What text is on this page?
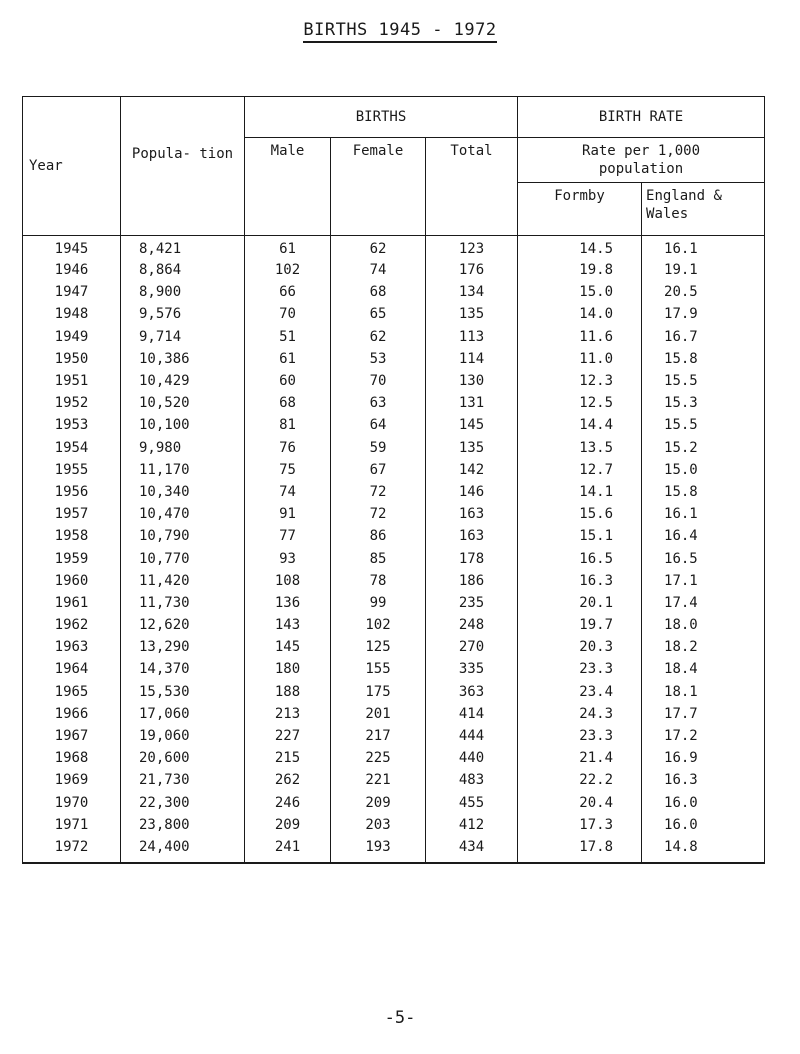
BIRTHS 1945 - 1972
Year	Popula- tion	BIRTHS			BIRTH RATE	
		Male	Female	Total	Rate per 1,000 population	
					Formby	England & Wales
1945	8,421	61	62	123	14.5	16.1
1946	8,864	102	74	176	19.8	19.1
1947	8,900	66	68	134	15.0	20.5
1948	9,576	70	65	135	14.0	17.9
1949	9,714	51	62	113	11.6	16.7
1950	10,386	61	53	114	11.0	15.8
1951	10,429	60	70	130	12.3	15.5
1952	10,520	68	63	131	12.5	15.3
1953	10,100	81	64	145	14.4	15.5
1954	9,980	76	59	135	13.5	15.2
1955	11,170	75	67	142	12.7	15.0
1956	10,340	74	72	146	14.1	15.8
1957	10,470	91	72	163	15.6	16.1
1958	10,790	77	86	163	15.1	16.4
1959	10,770	93	85	178	16.5	16.5
1960	11,420	108	78	186	16.3	17.1
1961	11,730	136	99	235	20.1	17.4
1962	12,620	143	102	248	19.7	18.0
1963	13,290	145	125	270	20.3	18.2
1964	14,370	180	155	335	23.3	18.4
1965	15,530	188	175	363	23.4	18.1
1966	17,060	213	201	414	24.3	17.7
1967	19,060	227	217	444	23.3	17.2
1968	20,600	215	225	440	21.4	16.9
1969	21,730	262	221	483	22.2	16.3
1970	22,300	246	209	455	20.4	16.0
1971	23,800	209	203	412	17.3	16.0
1972	24,400	241	193	434	17.8	14.8
-5-
